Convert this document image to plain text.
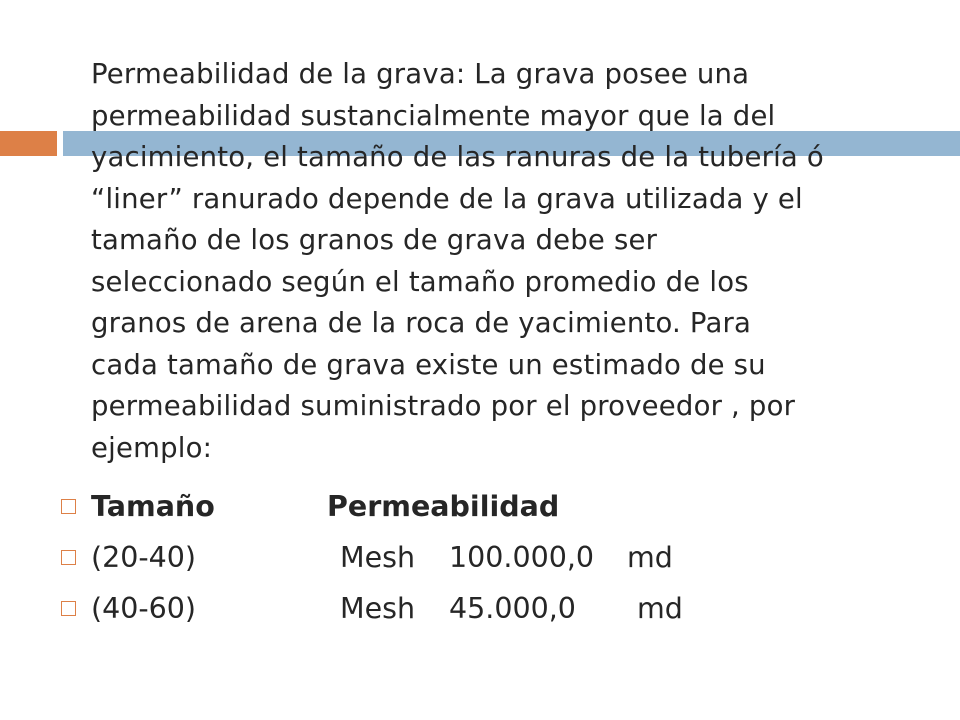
Permeabilidad de la grava: La grava posee una
permeabilidad sustancialmente mayor que la del
yacimiento, el tamaño de las ranuras de la tubería ó
“liner” ranurado depende de la grava utilizada y el
tamaño de los granos de grava debe ser
seleccionado según el tamaño promedio de los
granos de arena de la roca de yacimiento. Para
cada tamaño de grava existe un estimado de su
permeabilidad suministrado por el proveedor , por
ejemplo:

Tamaño	Permeabilidad
(20-40)	Mesh 100.000,0 md
(40-60)	Mesh 45.000,0 md
